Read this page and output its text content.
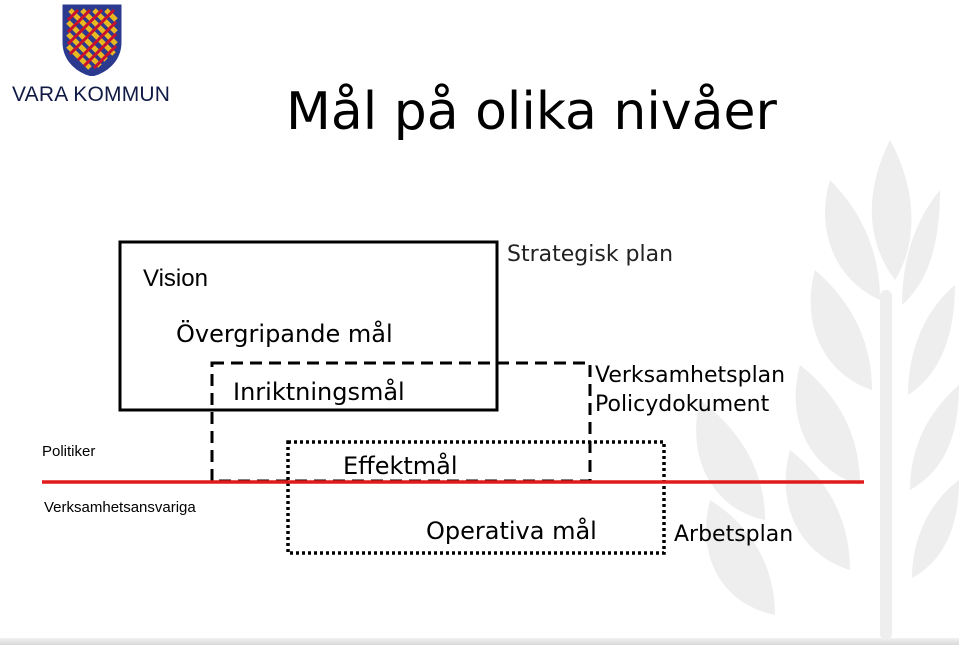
VARA KOMMUN Mål på olika nivåer
Vision
Övergripande mål
Inriktningsmål
Effektmål
Operativa mål
Strategisk plan
Verksamhetsplan
Policydokument
Arbetsplan
Politiker
Verksamhetsansvariga
